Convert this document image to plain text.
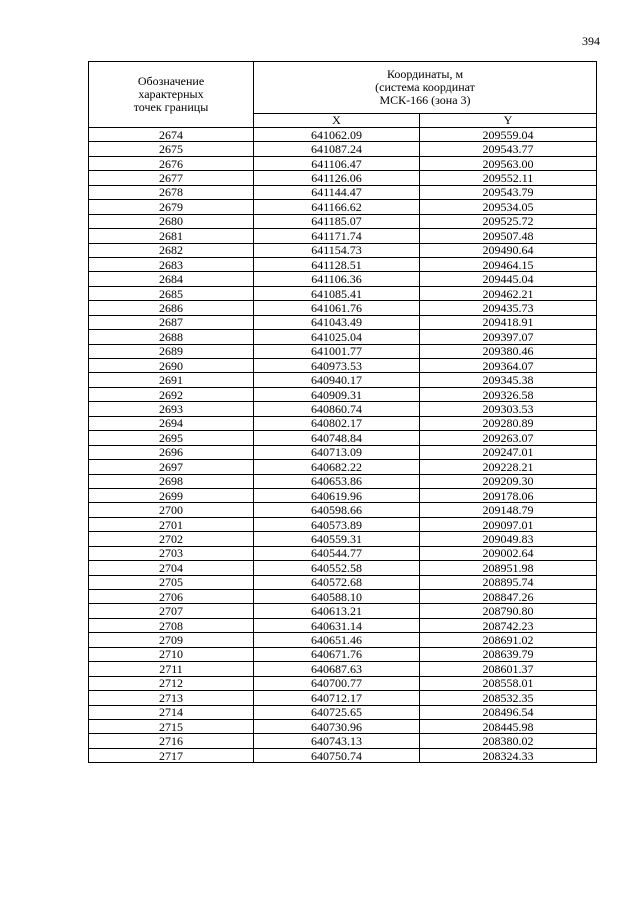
394
Обозначение
характерных
точек границы	Координаты, м
(система координат
МСК-166 (зона 3)	

	X	Y
2674	641062.09	209559.04
2675	641087.24	209543.77
2676	641106.47	209563.00
2677	641126.06	209552.11
2678	641144.47	209543.79
2679	641166.62	209534.05
2680	641185.07	209525.72
2681	641171.74	209507.48
2682	641154.73	209490.64
2683	641128.51	209464.15
2684	641106.36	209445.04
2685	641085.41	209462.21
2686	641061.76	209435.73
2687	641043.49	209418.91
2688	641025.04	209397.07
2689	641001.77	209380.46
2690	640973.53	209364.07
2691	640940.17	209345.38
2692	640909.31	209326.58
2693	640860.74	209303.53
2694	640802.17	209280.89
2695	640748.84	209263.07
2696	640713.09	209247.01
2697	640682.22	209228.21
2698	640653.86	209209.30
2699	640619.96	209178.06
2700	640598.66	209148.79
2701	640573.89	209097.01
2702	640559.31	209049.83
2703	640544.77	209002.64
2704	640552.58	208951.98
2705	640572.68	208895.74
2706	640588.10	208847.26
2707	640613.21	208790.80
2708	640631.14	208742.23
2709	640651.46	208691.02
2710	640671.76	208639.79
2711	640687.63	208601.37
2712	640700.77	208558.01
2713	640712.17	208532.35
2714	640725.65	208496.54
2715	640730.96	208445.98
2716	640743.13	208380.02
2717	640750.74	208324.33
